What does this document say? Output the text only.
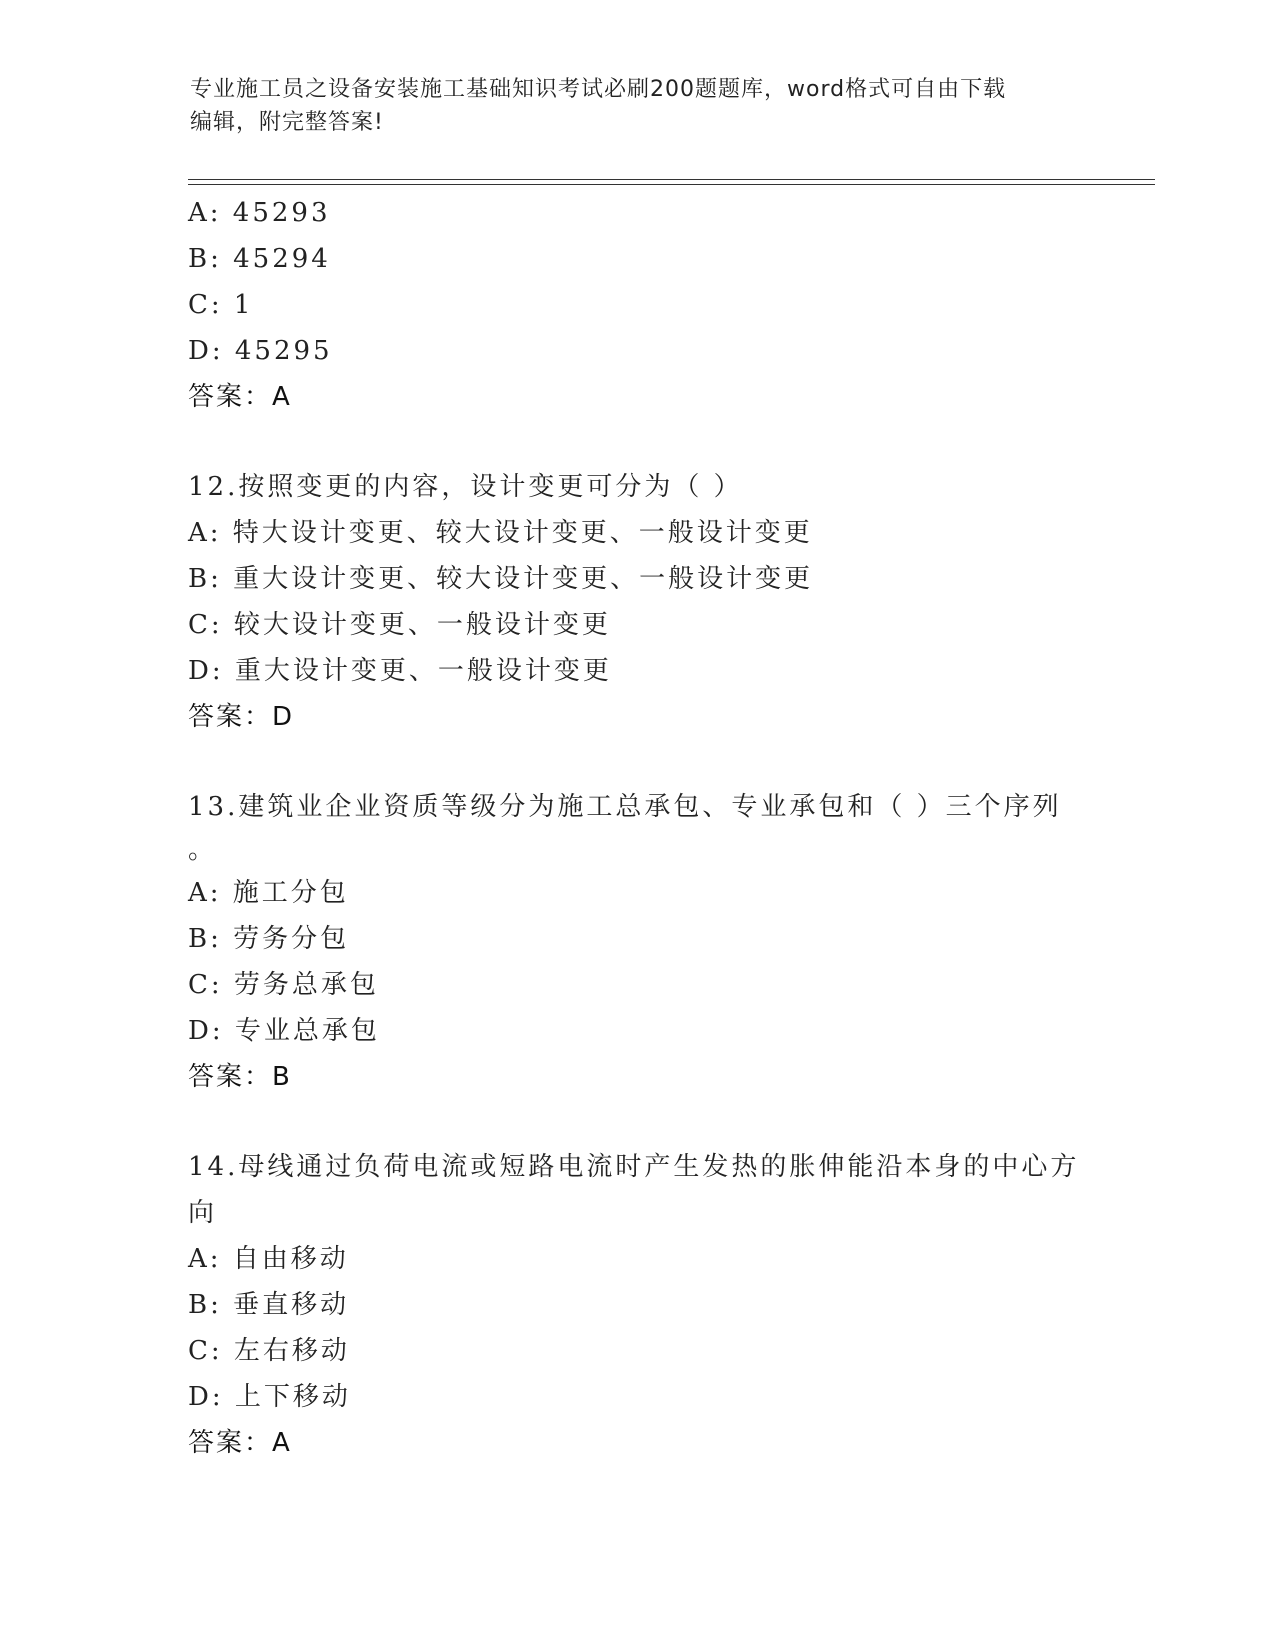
专业施工员之设备安装施工基础知识考试必刷200题题库，word格式可自由下载
编辑，附完整答案!
A: 45293
B: 45294
C: 1
D: 45295
答案：A
12.按照变更的内容，设计变更可分为（ ）
A: 特大设计变更、较大设计变更、一般设计变更
B: 重大设计变更、较大设计变更、一般设计变更
C: 较大设计变更、一般设计变更
D: 重大设计变更、一般设计变更
答案：D
13.建筑业企业资质等级分为施工总承包、专业承包和（ ）三个序列
。
A: 施工分包
B: 劳务分包
C: 劳务总承包
D: 专业总承包
答案：B
14.母线通过负荷电流或短路电流时产生发热的胀伸能沿本身的中心方
向
A: 自由移动
B: 垂直移动
C: 左右移动
D: 上下移动
答案：A
